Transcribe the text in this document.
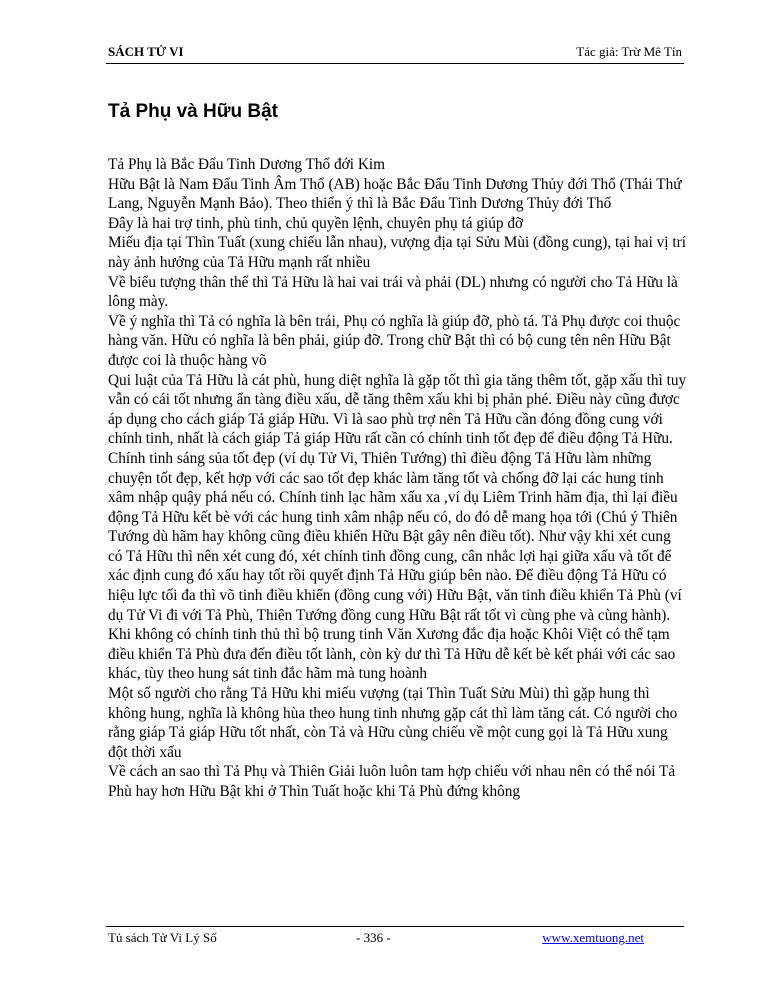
SÁCH TỬ VI	Tác giả: Trừ Mê Tín
Tả Phụ và Hữu Bật

Tả Phụ là Bắc Đẩu Tinh Dương Thổ đới Kim

Hữu Bật là Nam Đẩu Tinh Âm Thổ (AB) hoặc Bắc Đẩu Tinh Dương Thủy đới Thổ (Thái Thứ Lang, Nguyễn Mạnh Bảo). Theo thiển ý thì là Bắc Đẩu Tinh Dương Thủy đới Thổ

Đây là hai trợ tinh, phù tinh, chủ quyền lệnh, chuyên phụ tá giúp đỡ

Miếu địa tại Thìn Tuất (xung chiếu lẫn nhau), vượng địa tại Sửu Mùi (đồng cung), tại hai vị trí này ảnh hưởng của Tả Hữu mạnh rất nhiều

Về biểu tượng thân thể thì Tả Hữu là hai vai trái và phải (DL) nhưng có người cho Tả Hữu là lông mày.

Về ý nghĩa thì Tả có nghĩa là bên trái, Phụ có nghĩa là giúp đỡ, phò tá. Tả Phụ được coi thuộc hàng văn. Hữu có nghĩa là bên phải, giúp đỡ. Trong chữ Bật thì có bộ cung tên nên Hữu Bật được coi là thuộc hàng võ

Qui luật của Tả Hữu là cát phù, hung diệt nghĩa là gặp tốt thì gia tăng thêm tốt, gặp xấu thì tuy vẫn có cái tốt nhưng ẩn tàng điều xấu, dễ tăng thêm xấu khi bị phản phé. Điều này cũng được áp dụng cho cách giáp Tả giáp Hữu. Vì là sao phù trợ nên Tả Hữu cần đóng đồng cung với chính tinh, nhất là cách giáp Tả giáp Hữu rất cần có chính tinh tốt đẹp để điều động Tả Hữu. Chính tinh sáng sủa tốt đẹp (ví dụ Tử Vi, Thiên Tướng) thì điều động Tả Hữu làm những chuyện tốt đẹp, kết hợp với các sao tốt đẹp khác làm tăng tốt và chống đỡ lại các hung tinh xâm nhập quậy phá nếu có. Chính tinh lạc hãm xấu xa ,ví dụ Liêm Trinh hãm địa, thì lại điều động Tả Hữu kết bè với các hung tinh xâm nhập nếu có, do đó dễ mang họa tới (Chú ý Thiên Tướng dù hãm hay không cũng điều khiển Hữu Bật gây nên điều tốt). Như vậy khi xét cung có Tả Hữu thì nên xét cung đó, xét chính tinh đồng cung, cân nhắc lợi hại giữa xấu và tốt để xác định cung đó xấu hay tốt rồi quyết định Tả Hữu giúp bên nào. Để điều động Tả Hữu có hiệu lực tối đa thì võ tinh điều khiển (đồng cung với) Hữu Bật, văn tinh điều khiển Tả Phù (ví dụ Tử Vi đi với Tả Phù, Thiên Tướng đồng cung Hữu Bật rất tốt vì cùng phe và cùng hành). Khi không có chính tinh thủ thì bộ trung tinh Văn Xương đắc địa hoặc Khôi Việt có thể tạm điều khiển Tả Phù đưa đến điều tốt lành, còn kỳ dư thì Tả Hữu dễ kết bè kết phái với các sao khác, tùy theo hung sát tinh đắc hãm mà tung hoành

Một số người cho rằng Tả Hữu khi miếu vượng (tại Thìn Tuất Sửu Mùi) thì gặp hung thì không hung, nghĩa là không hùa theo hung tinh nhưng gặp cát thì làm tăng cát. Có người cho rằng giáp Tả giáp Hữu tốt nhất, còn Tả và Hữu cùng chiếu về một cung gọi là Tả Hữu xung đột thời xấu

Về cách an sao thì Tả Phụ và Thiên Giải luôn luôn tam hợp chiếu với nhau nên có thể nói Tả Phù hay hơn Hữu Bật khi ở Thìn Tuất hoặc khi Tả Phù đứng không

Tủ sách Tử Vi Lý Số	- 336 -	www.xemtuong.net
